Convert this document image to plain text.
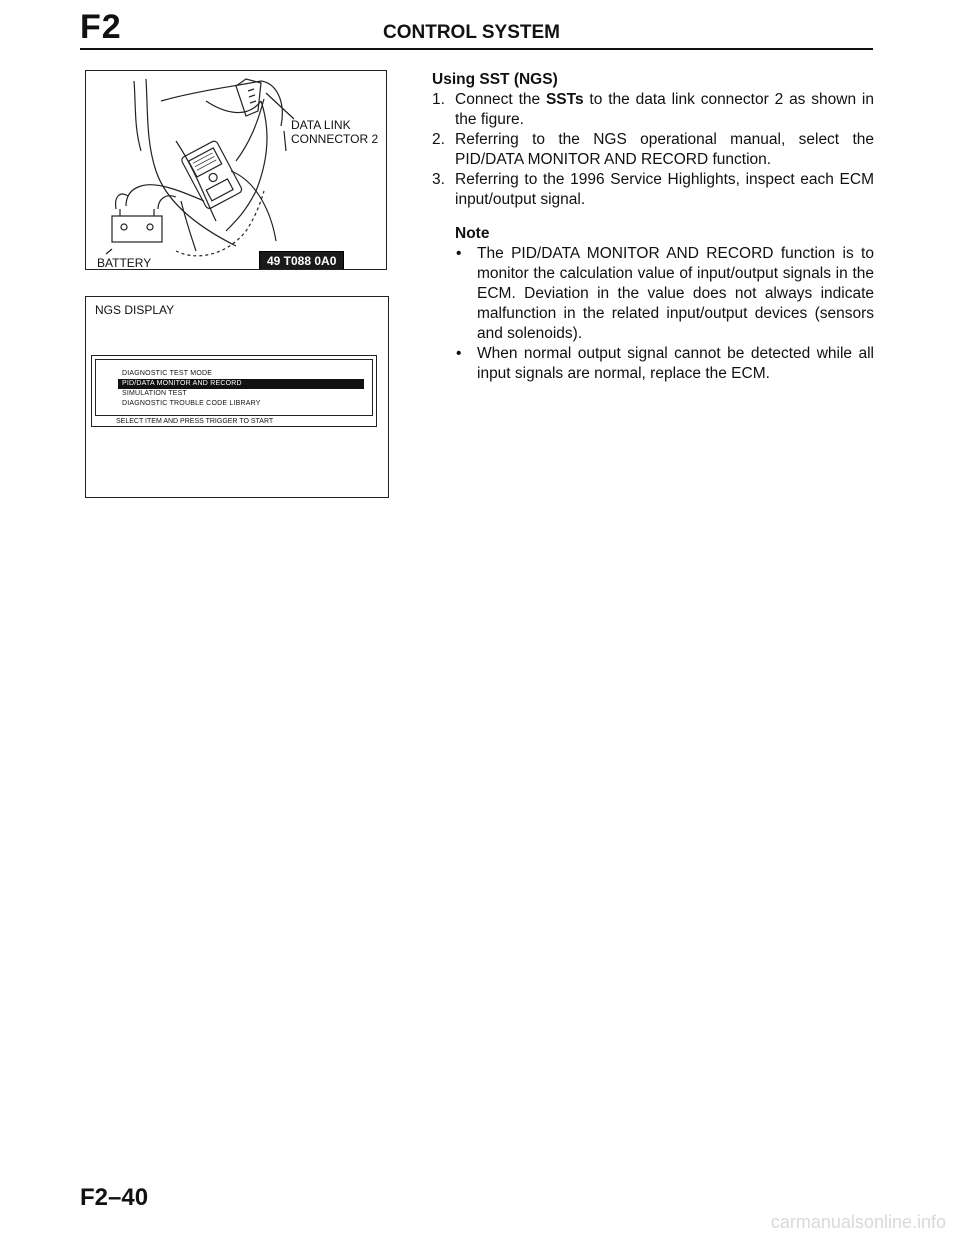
F2	CONTROL SYSTEM
DATA LINK
CONNECTOR 2
BATTERY	49 T088 0A0
NGS DISPLAY
DIAGNOSTIC TEST MODE
PID/DATA MONITOR AND RECORD
SIMULATION TEST
DIAGNOSTIC TROUBLE CODE LIBRARY
SELECT ITEM AND PRESS TRIGGER TO START
Using SST (NGS)
1. Connect the SSTs to the data link connector 2 as shown in the figure.
2. Referring to the NGS operational manual, select the PID/DATA MONITOR AND RECORD function.
3. Referring to the 1996 Service Highlights, inspect each ECM input/output signal.
Note
• The PID/DATA MONITOR AND RECORD function is to monitor the calculation value of input/output signals in the ECM. Deviation in the value does not always indicate malfunction in the related input/output devices (sensors and solenoids).
• When normal output signal cannot be detected while all input signals are normal, replace the ECM.
F2–40
carmanualsonline.info
